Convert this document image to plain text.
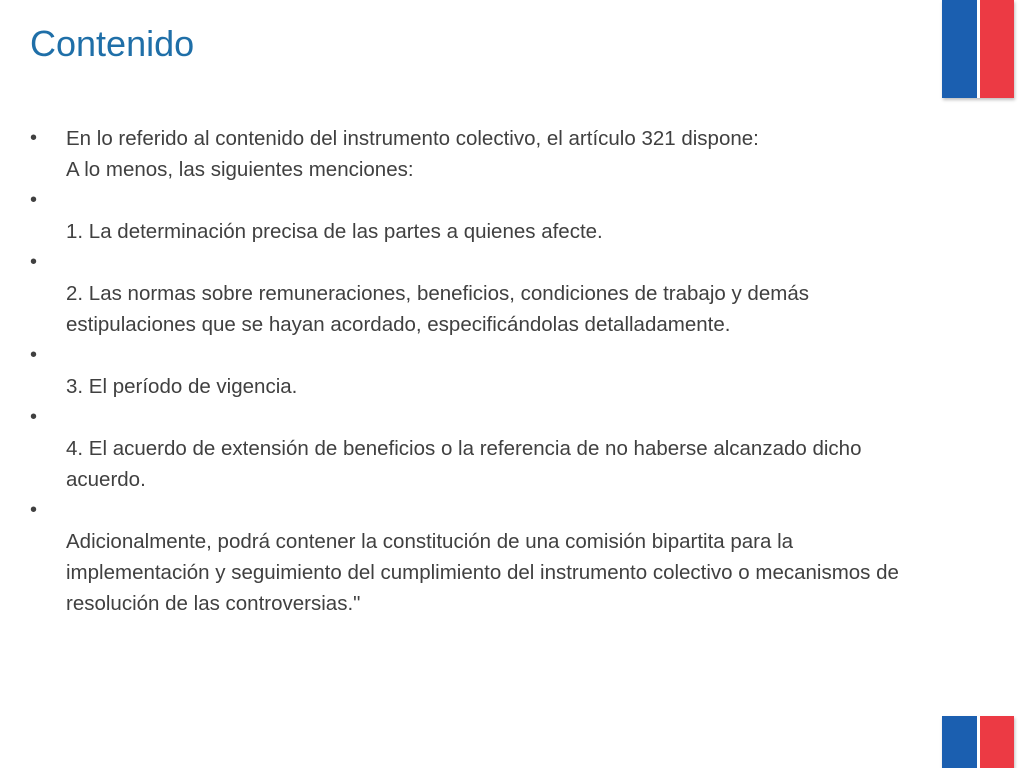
Contenido
•	En lo referido al contenido del instrumento colectivo, el artículo 321 dispone:
A lo menos, las siguientes menciones:
•
1. La determinación precisa de las partes a quienes afecte.
•
2. Las normas sobre remuneraciones, beneficios, condiciones de trabajo y demás estipulaciones que se hayan acordado, especificándolas detalladamente.
•
3. El período de vigencia.
•
4. El acuerdo de extensión de beneficios o la referencia de no haberse alcanzado dicho acuerdo.
•
Adicionalmente, podrá contener la constitución de una comisión bipartita para la implementación y seguimiento del cumplimiento del instrumento colectivo o mecanismos de resolución de las controversias."
